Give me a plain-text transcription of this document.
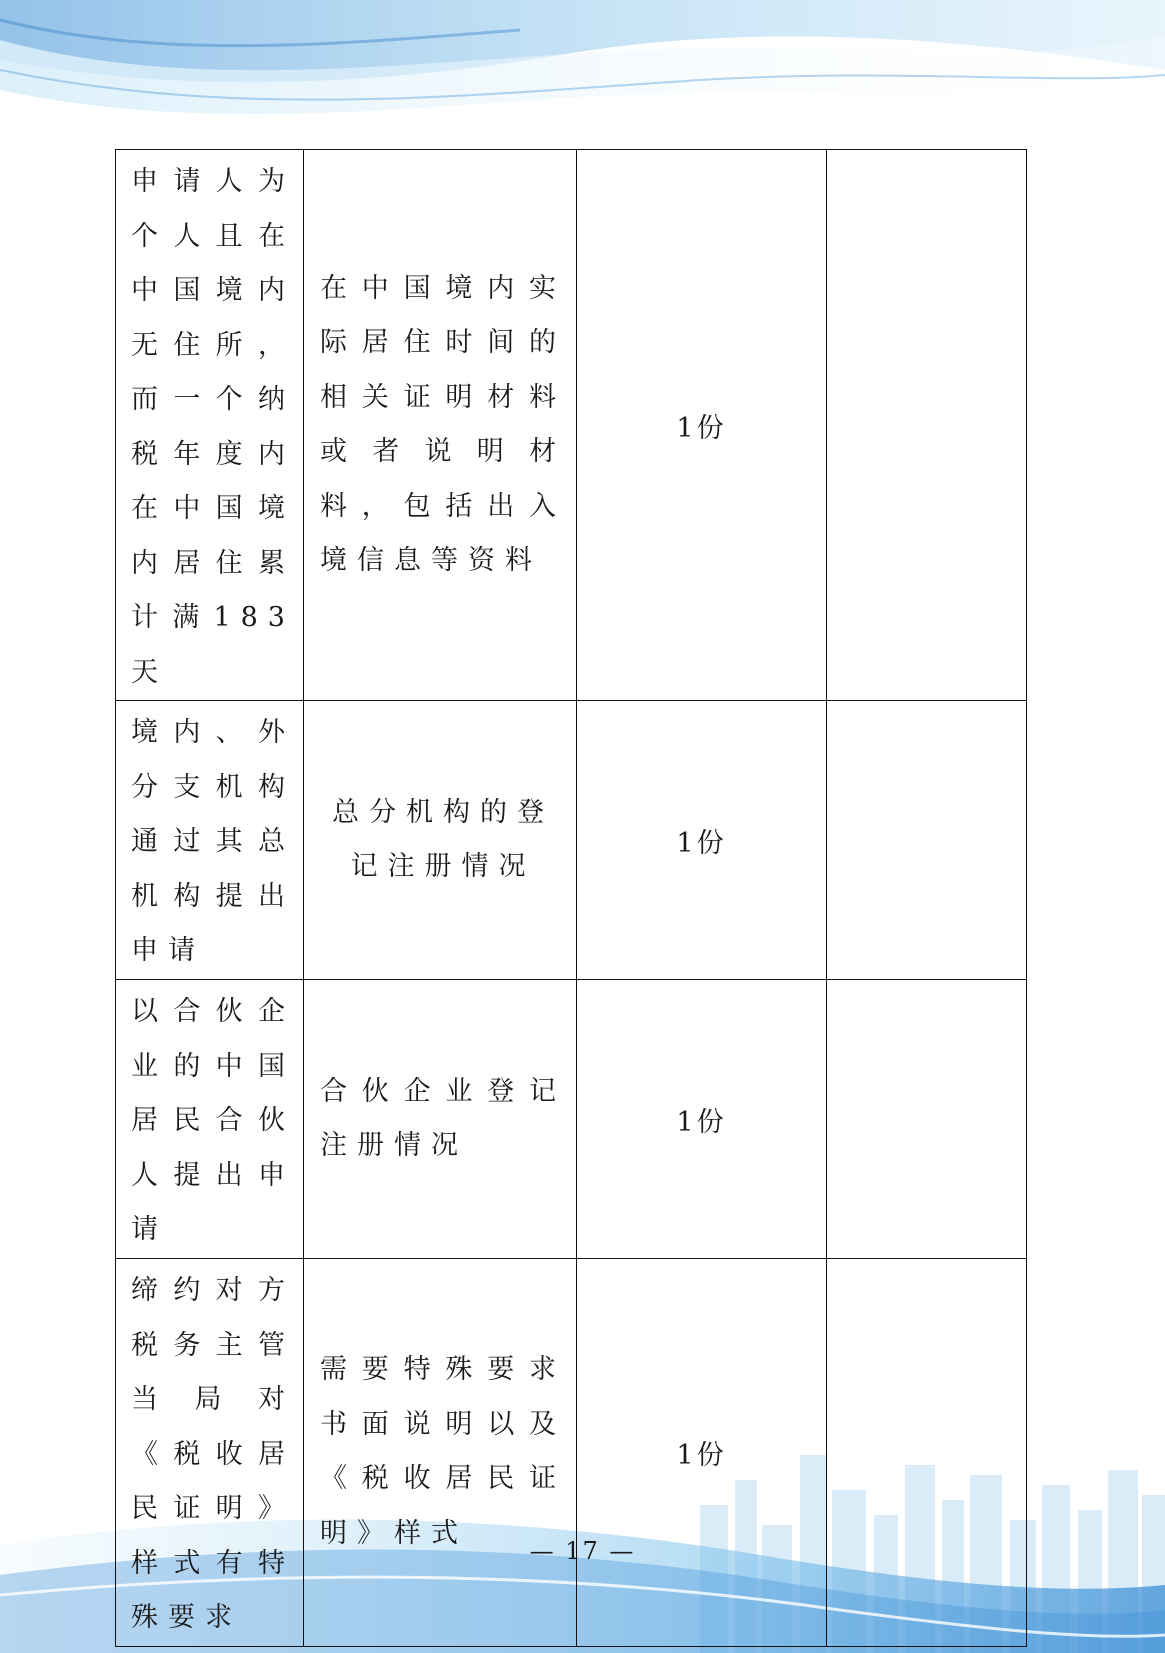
申请人为个人且在中国境内无住所，而一个纳税年度内在中国境内居住累计满183天	在中国境内实际居住时间的相关证明材料或者说明材料，包括出入境信息等资料	1份	
境内、外分支机构通过其总机构提出申请	总分机构的登记注册情况	1份	
以合伙企业的中国居民合伙人提出申请	合伙企业登记注册情况	1份	
缔约对方税务主管当局对《税收居民证明》样式有特殊要求	需要特殊要求书面说明以及《税收居民证明》样式	1份	
— 17 —
